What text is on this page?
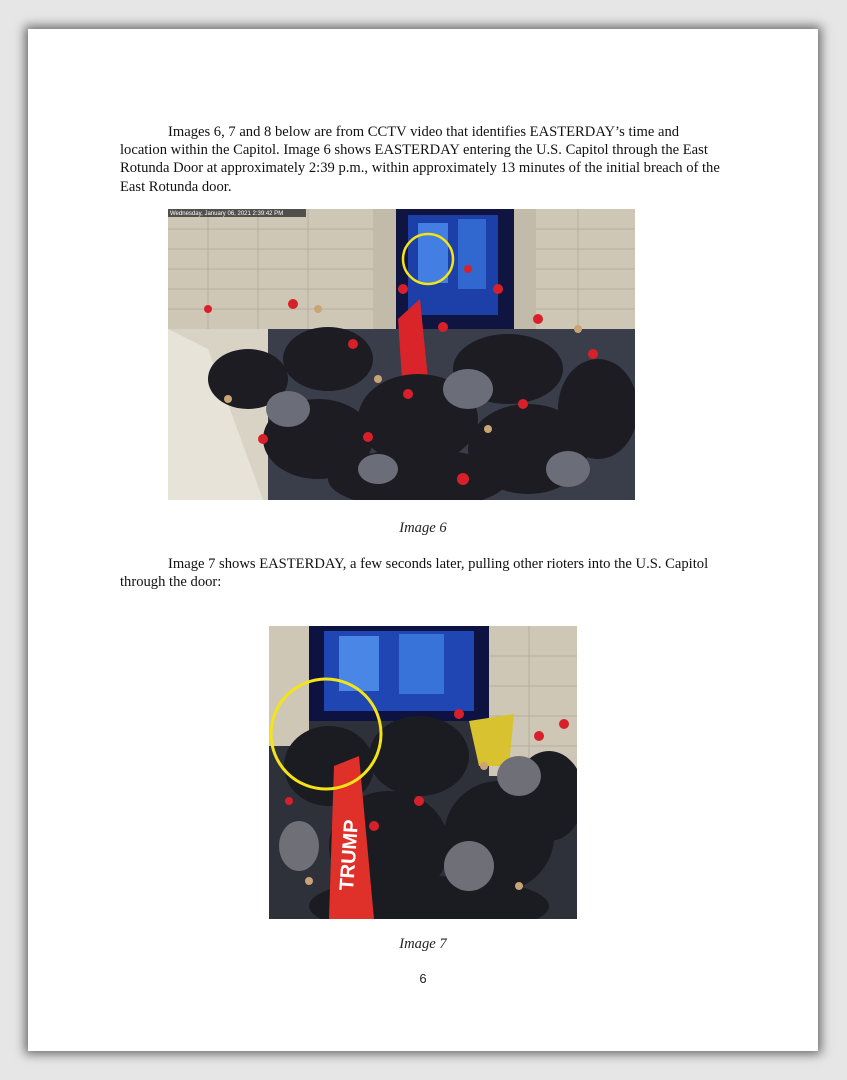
Images 6, 7 and 8 below are from CCTV video that identifies EASTERDAY’s time and location within the Capitol. Image 6 shows EASTERDAY entering the U.S. Capitol through the East Rotunda Door at approximately 2:39 p.m., within approximately 13 minutes of the initial breach of the East Rotunda door.

Wednesday, January 06, 2021 2:39:42 PM
Image 6

Image 7 shows EASTERDAY, a few seconds later, pulling other rioters into the U.S. Capitol through the door:

TRUMP
Image 7
6
